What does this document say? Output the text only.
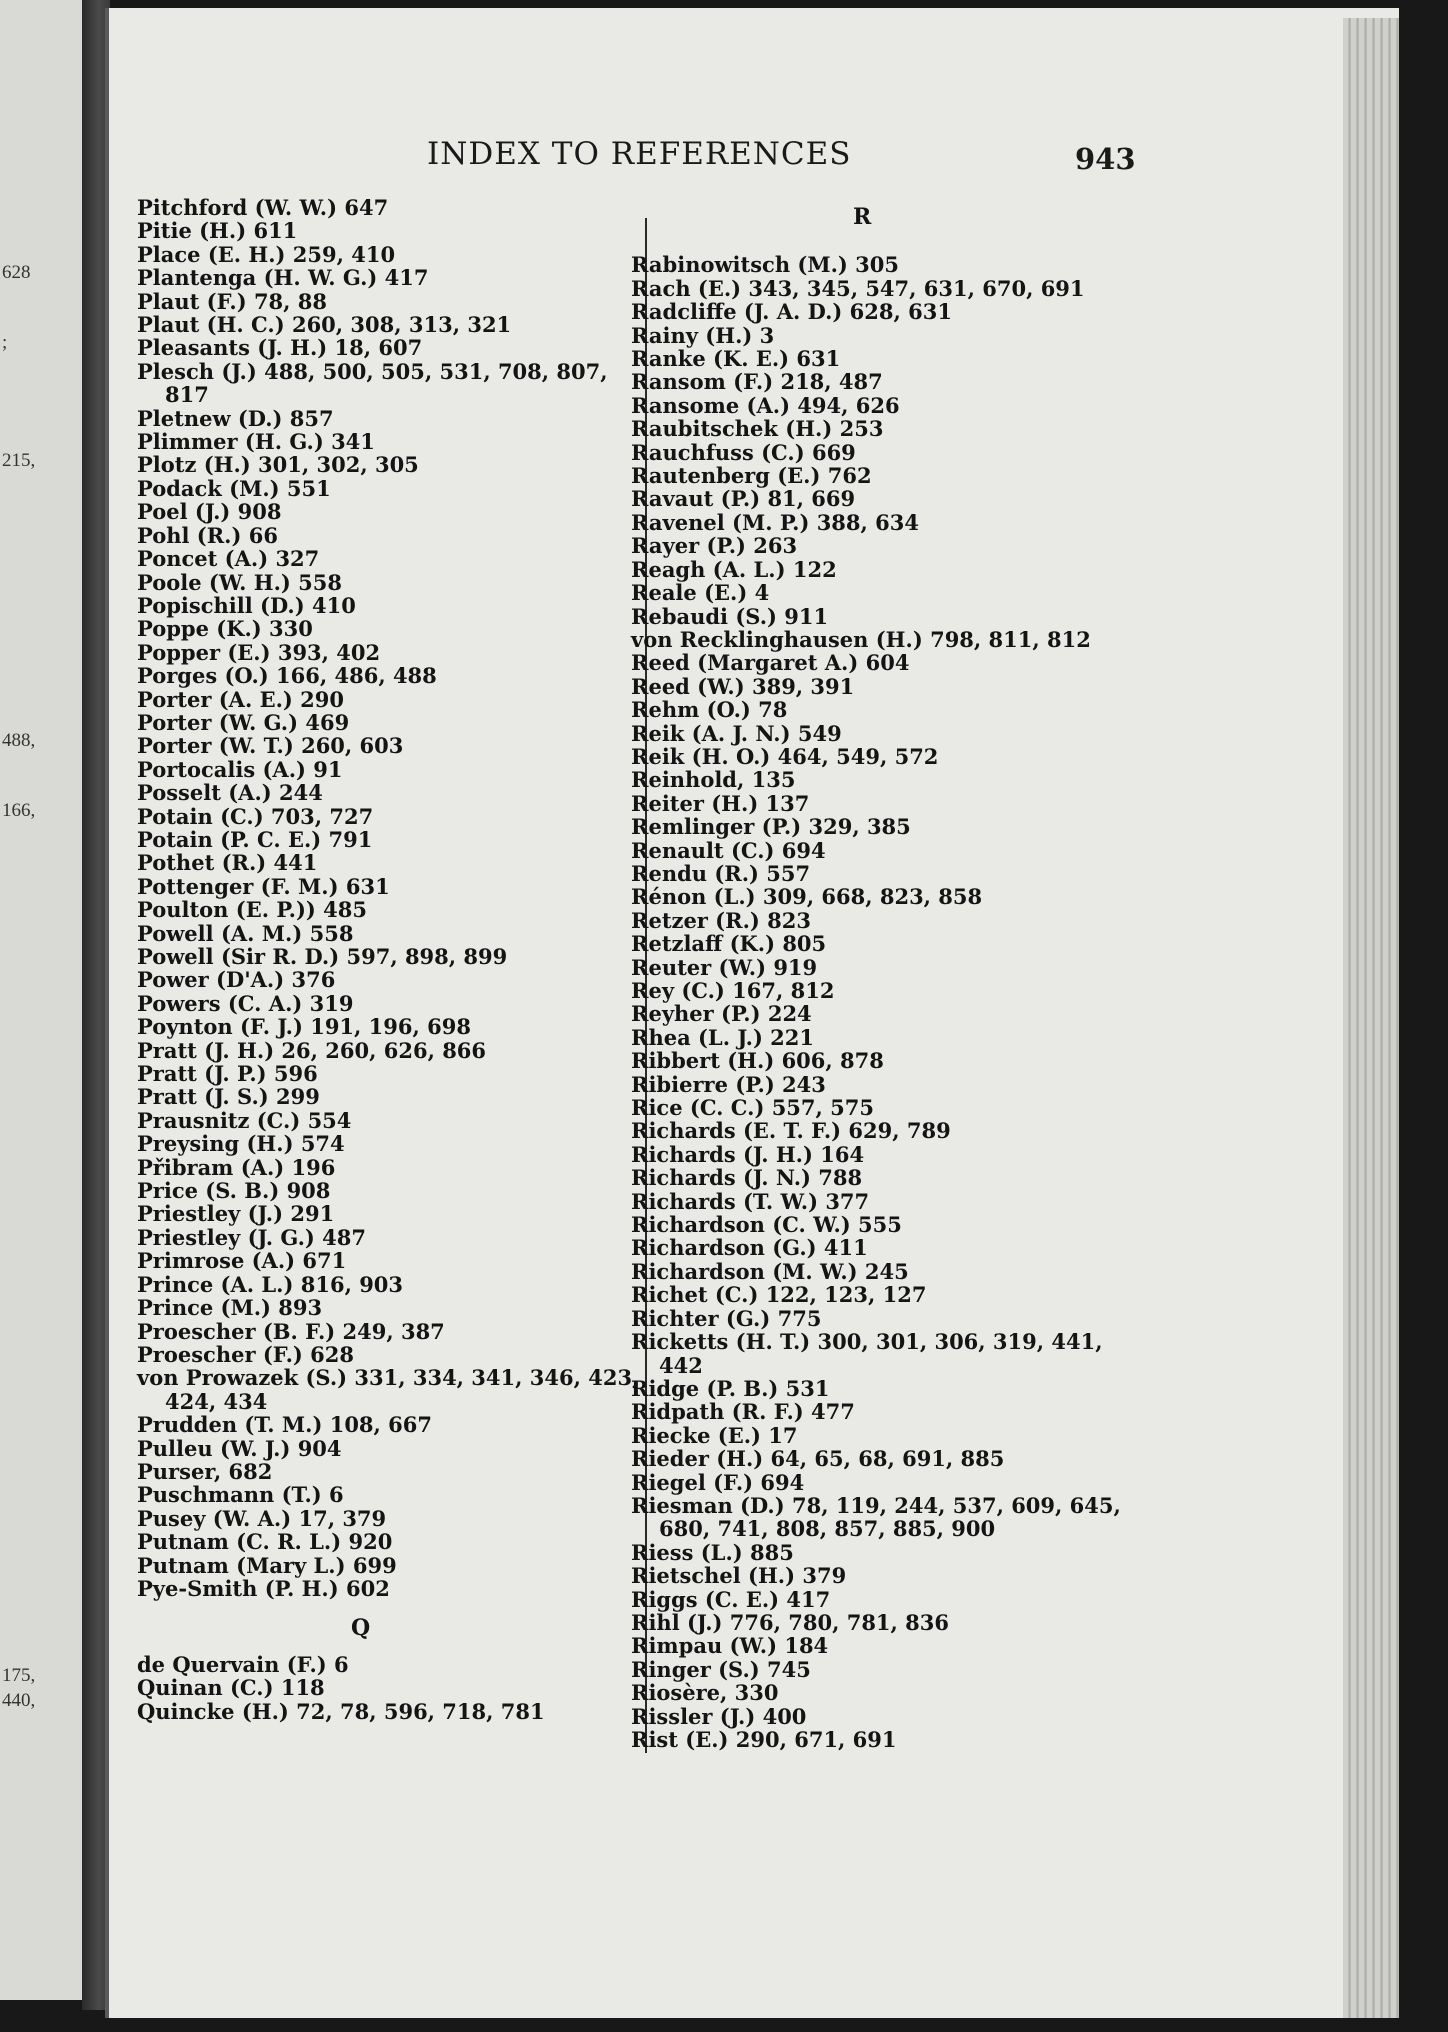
628
;
215,
488,
166,
175,
440,
INDEX TO REFERENCES	943
Pitchford (W. W.) 647
Pitie (H.) 611
Place (E. H.) 259, 410
Plantenga (H. W. G.) 417
Plaut (F.) 78, 88
Plaut (H. C.) 260, 308, 313, 321
Pleasants (J. H.) 18, 607
Plesch (J.) 488, 500, 505, 531, 708, 807,
817
Pletnew (D.) 857
Plimmer (H. G.) 341
Plotz (H.) 301, 302, 305
Podack (M.) 551
Poel (J.) 908
Pohl (R.) 66
Poncet (A.) 327
Poole (W. H.) 558
Popischill (D.) 410
Poppe (K.) 330
Popper (E.) 393, 402
Porges (O.) 166, 486, 488
Porter (A. E.) 290
Porter (W. G.) 469
Porter (W. T.) 260, 603
Portocalis (A.) 91
Posselt (A.) 244
Potain (C.) 703, 727
Potain (P. C. E.) 791
Pothet (R.) 441
Pottenger (F. M.) 631
Poulton (E. P.)) 485
Powell (A. M.) 558
Powell (Sir R. D.) 597, 898, 899
Power (D'A.) 376
Powers (C. A.) 319
Poynton (F. J.) 191, 196, 698
Pratt (J. H.) 26, 260, 626, 866
Pratt (J. P.) 596
Pratt (J. S.) 299
Prausnitz (C.) 554
Preysing (H.) 574
Přibram (A.) 196
Price (S. B.) 908
Priestley (J.) 291
Priestley (J. G.) 487
Primrose (A.) 671
Prince (A. L.) 816, 903
Prince (M.) 893
Proescher (B. F.) 249, 387
Proescher (F.) 628
von Prowazek (S.) 331, 334, 341, 346, 423,
424, 434
Prudden (T. M.) 108, 667
Pulleu (W. J.) 904
Purser, 682
Puschmann (T.) 6
Pusey (W. A.) 17, 379
Putnam (C. R. L.) 920
Putnam (Mary L.) 699
Pye-Smith (P. H.) 602
Q
de Quervain (F.) 6
Quinan (C.) 118
Quincke (H.) 72, 78, 596, 718, 781
R
Rabinowitsch (M.) 305
Rach (E.) 343, 345, 547, 631, 670, 691
Radcliffe (J. A. D.) 628, 631
Rainy (H.) 3
Ranke (K. E.) 631
Ransom (F.) 218, 487
Ransome (A.) 494, 626
Raubitschek (H.) 253
Rauchfuss (C.) 669
Rautenberg (E.) 762
Ravaut (P.) 81, 669
Ravenel (M. P.) 388, 634
Rayer (P.) 263
Reagh (A. L.) 122
Reale (E.) 4
Rebaudi (S.) 911
von Recklinghausen (H.) 798, 811, 812
Reed (Margaret A.) 604
Reed (W.) 389, 391
Rehm (O.) 78
Reik (A. J. N.) 549
Reik (H. O.) 464, 549, 572
Reinhold, 135
Reiter (H.) 137
Remlinger (P.) 329, 385
Renault (C.) 694
Rendu (R.) 557
Rénon (L.) 309, 668, 823, 858
Retzer (R.) 823
Retzlaff (K.) 805
Reuter (W.) 919
Rey (C.) 167, 812
Reyher (P.) 224
Rhea (L. J.) 221
Ribbert (H.) 606, 878
Ribierre (P.) 243
Rice (C. C.) 557, 575
Richards (E. T. F.) 629, 789
Richards (J. H.) 164
Richards (J. N.) 788
Richards (T. W.) 377
Richardson (C. W.) 555
Richardson (G.) 411
Richardson (M. W.) 245
Richet (C.) 122, 123, 127
Richter (G.) 775
Ricketts (H. T.) 300, 301, 306, 319, 441,
442
Ridge (P. B.) 531
Ridpath (R. F.) 477
Riecke (E.) 17
Rieder (H.) 64, 65, 68, 691, 885
Riegel (F.) 694
Riesman (D.) 78, 119, 244, 537, 609, 645,
680, 741, 808, 857, 885, 900
Riess (L.) 885
Rietschel (H.) 379
Riggs (C. E.) 417
Rihl (J.) 776, 780, 781, 836
Rimpau (W.) 184
Ringer (S.) 745
Riosère, 330
Rissler (J.) 400
Rist (E.) 290, 671, 691
